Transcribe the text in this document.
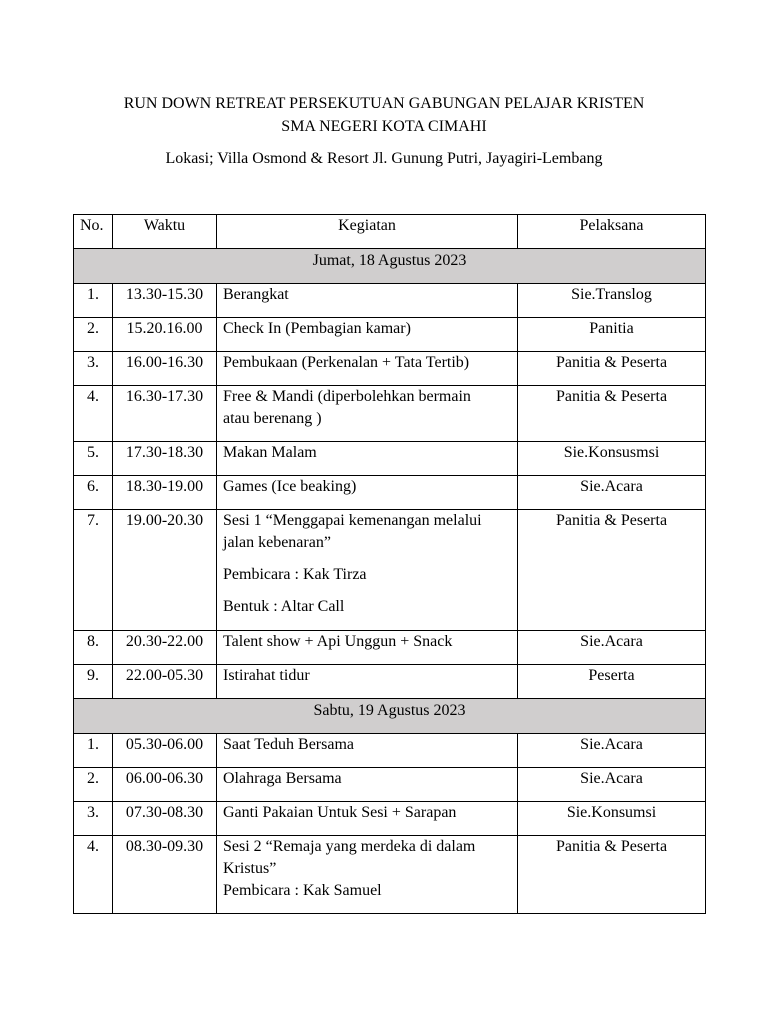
RUN DOWN RETREAT PERSEKUTUAN GABUNGAN PELAJAR KRISTEN
SMA NEGERI KOTA CIMAHI
Lokasi; Villa Osmond & Resort Jl. Gunung Putri, Jayagiri-Lembang
No.	Waktu	Kegiatan	Pelaksana
Jumat, 18 Agustus 2023			
1.	13.30-15.30	Berangkat	Sie.Translog
2.	15.20.16.00	Check In (Pembagian kamar)	Panitia
3.	16.00-16.30	Pembukaan (Perkenalan + Tata Tertib)	Panitia & Peserta
4.	16.30-17.30	Free & Mandi (diperbolehkan bermain
atau berenang )	Panitia & Peserta
5.	17.30-18.30	Makan Malam	Sie.Konsusmsi
6.	18.30-19.00	Games (Ice beaking)	Sie.Acara
7.	19.00-20.30	Sesi 1 “Menggapai kemenangan melalui
jalan kebenaran”
Pembicara : Kak Tirza
Bentuk : Altar Call	Panitia & Peserta
8.	20.30-22.00	Talent show + Api Unggun + Snack	Sie.Acara
9.	22.00-05.30	Istirahat tidur	Peserta
Sabtu, 19 Agustus 2023			
1.	05.30-06.00	Saat Teduh Bersama	Sie.Acara
2.	06.00-06.30	Olahraga Bersama	Sie.Acara
3.	07.30-08.30	Ganti Pakaian Untuk Sesi + Sarapan	Sie.Konsumsi
4.	08.30-09.30	Sesi 2 “Remaja yang merdeka di dalam
Kristus”
Pembicara : Kak Samuel	Panitia & Peserta
